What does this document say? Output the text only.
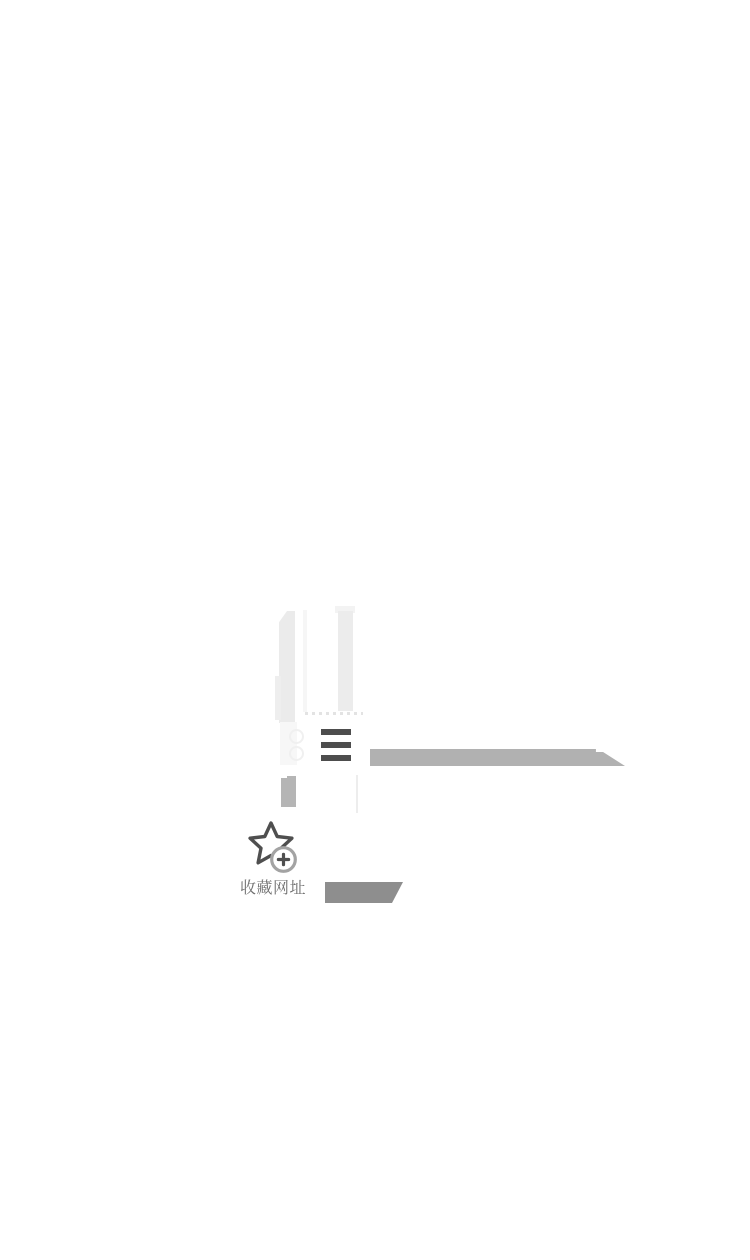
收藏网址
